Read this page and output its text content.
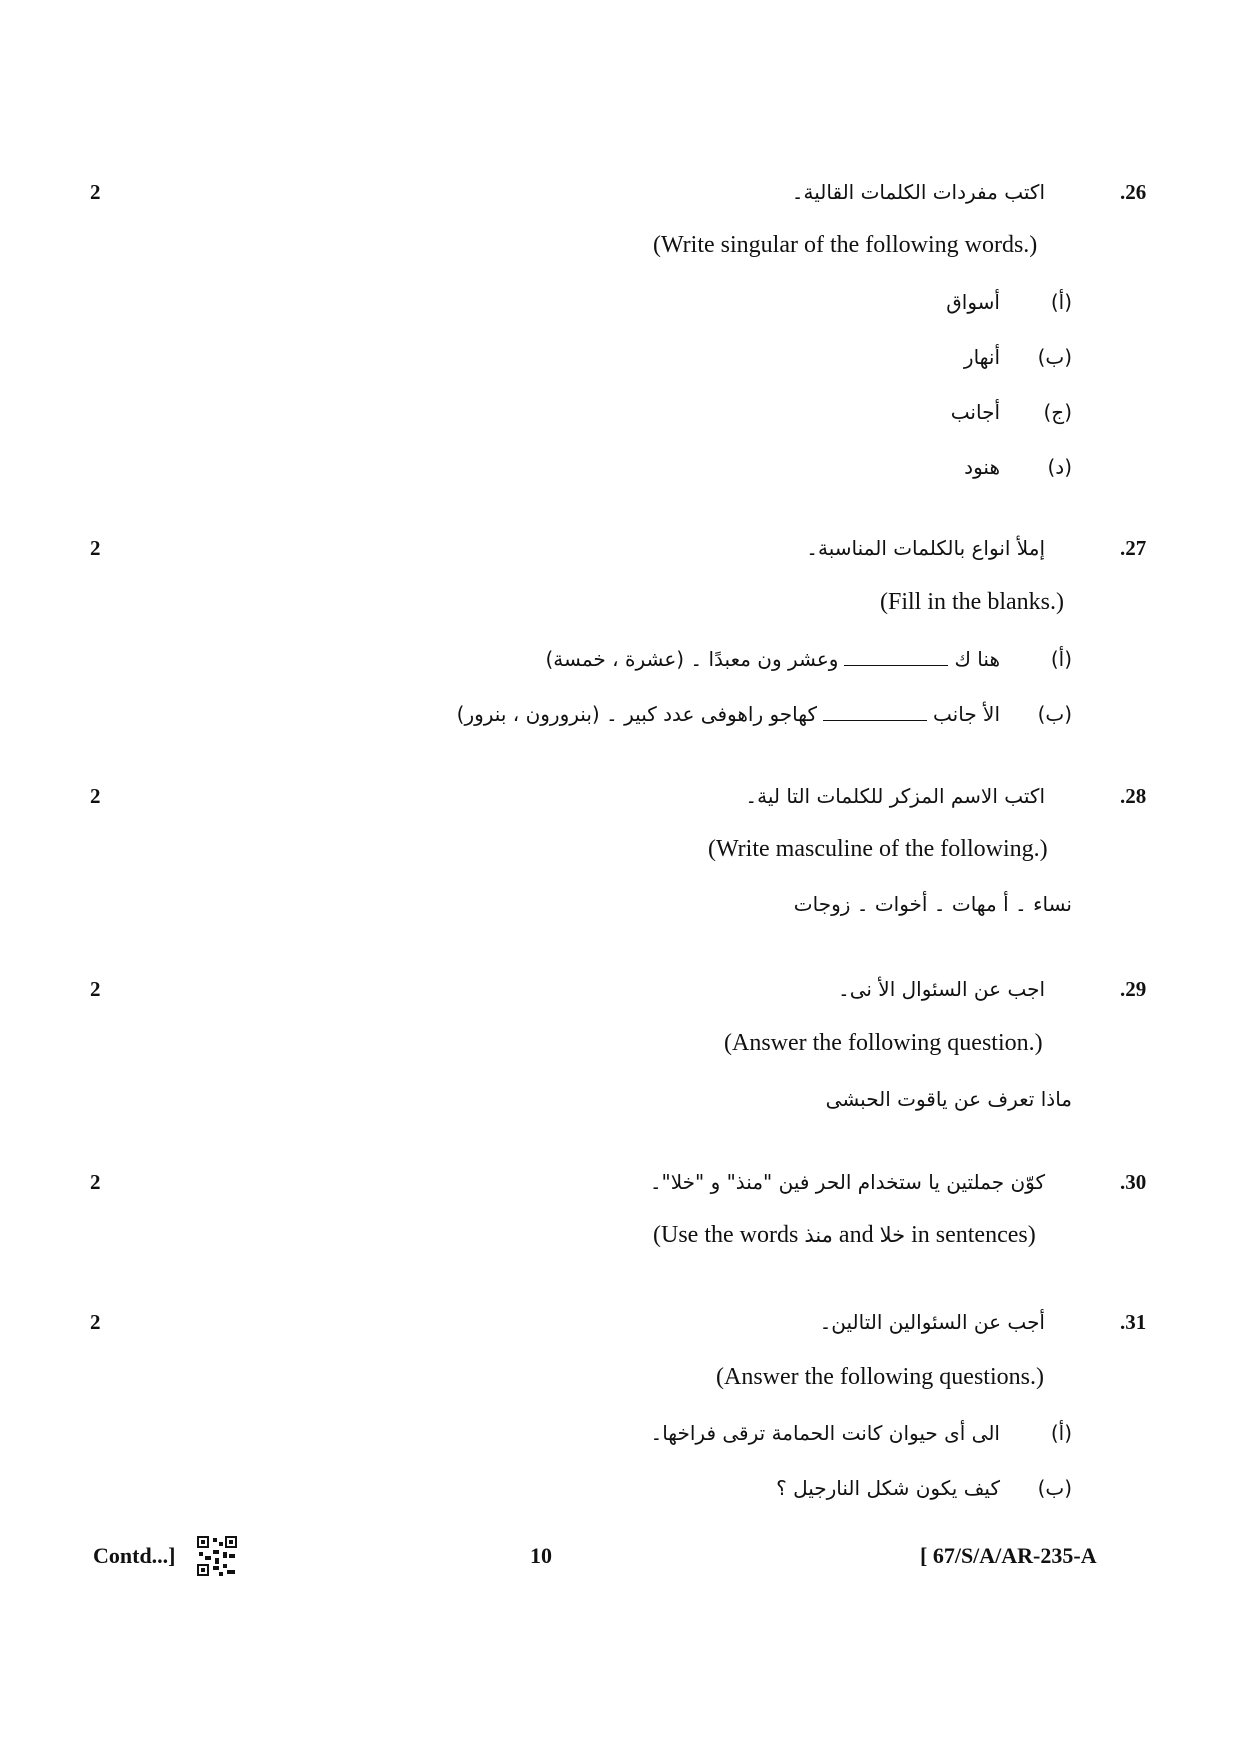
2	.26
اكتب مفردات الكلمات القالية۔
(Write singular of the following words.)
(أ)
أسواق
(ب)
أنهار
(ج)
أجانب
(د)
هنود
2	.27
إملأ انواع بالكلمات المناسبة۔
(Fill in the blanks.)
(أ)
هنا كوعشر ون معبدًا ۔ (عشرة ، خمسة)
(ب)
الأ جانبكهاجو راهوفى عدد كبير ۔ (بنرورون ، بنرور)
2	.28
اكتب الاسم المزكر للكلمات التا لية۔
(Write masculine of the following.)
نساء ۔ أ مهات ۔ أخوات ۔ زوجات
2	.29
اجب عن السئوال الأ نى۔
(Answer the following question.)
ماذا تعرف عن ياقوت الحبشى
2	.30
كوّن جملتين يا ستخدام الحر فين "منذ" و "خلا"۔
(Use the words منذ and خلا in sentences)
2	.31
أجب عن السئوالين التالين۔
(Answer the following questions.)
(أ)
الى أى حيوان كانت الحمامة ترقى فراخها۔
(ب)
كيف يكون شكل النارجيل ؟
Contd...]	10	[ 67/S/A/AR-235-A
